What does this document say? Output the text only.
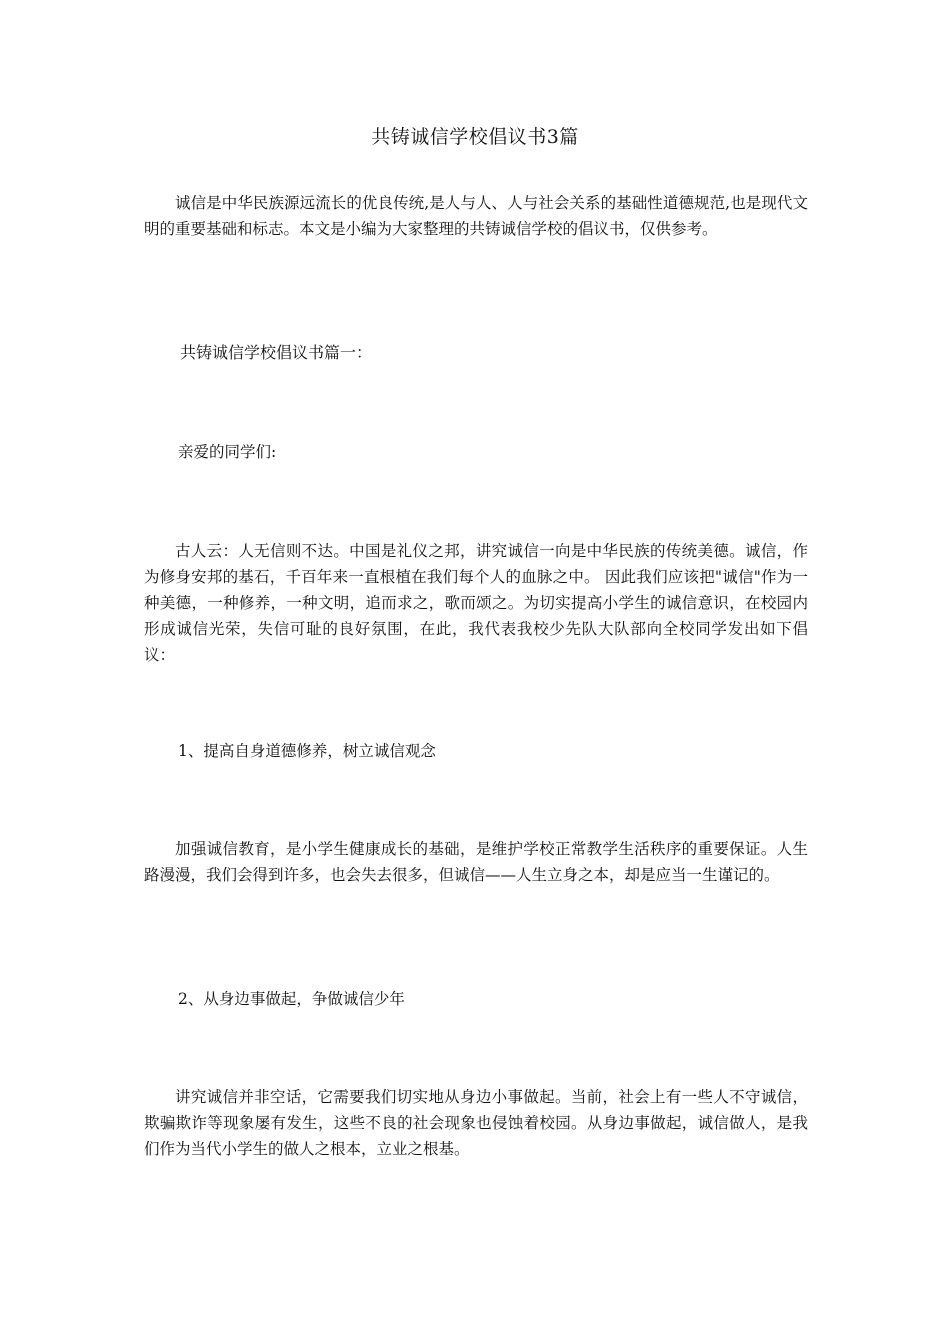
共铸诚信学校倡议书3篇
诚信是中华民族源远流长的优良传统,是人与人、人与社会关系的基础性道德规范,也是现代文明的重要基础和标志。本文是小编为大家整理的共铸诚信学校的倡议书，仅供参考。
共铸诚信学校倡议书篇一：
亲爱的同学们:
古人云：人无信则不达。中国是礼仪之邦，讲究诚信一向是中华民族的传统美德。诚信，作为修身安邦的基石，千百年来一直根植在我们每个人的血脉之中。 因此我们应该把"诚信"作为一种美德，一种修养，一种文明，追而求之，歌而颂之。为切实提高小学生的诚信意识，在校园内形成诚信光荣，失信可耻的良好氛围，在此，我代表我校少先队大队部向全校同学发出如下倡议：
1、提高自身道德修养，树立诚信观念
加强诚信教育，是小学生健康成长的基础，是维护学校正常教学生活秩序的重要保证。人生路漫漫，我们会得到许多，也会失去很多，但诚信——人生立身之本，却是应当一生谨记的。
2、从身边事做起，争做诚信少年
讲究诚信并非空话，它需要我们切实地从身边小事做起。当前，社会上有一些人不守诚信，欺骗欺诈等现象屡有发生，这些不良的社会现象也侵蚀着校园。从身边事做起，诚信做人，是我们作为当代小学生的做人之根本，立业之根基。
